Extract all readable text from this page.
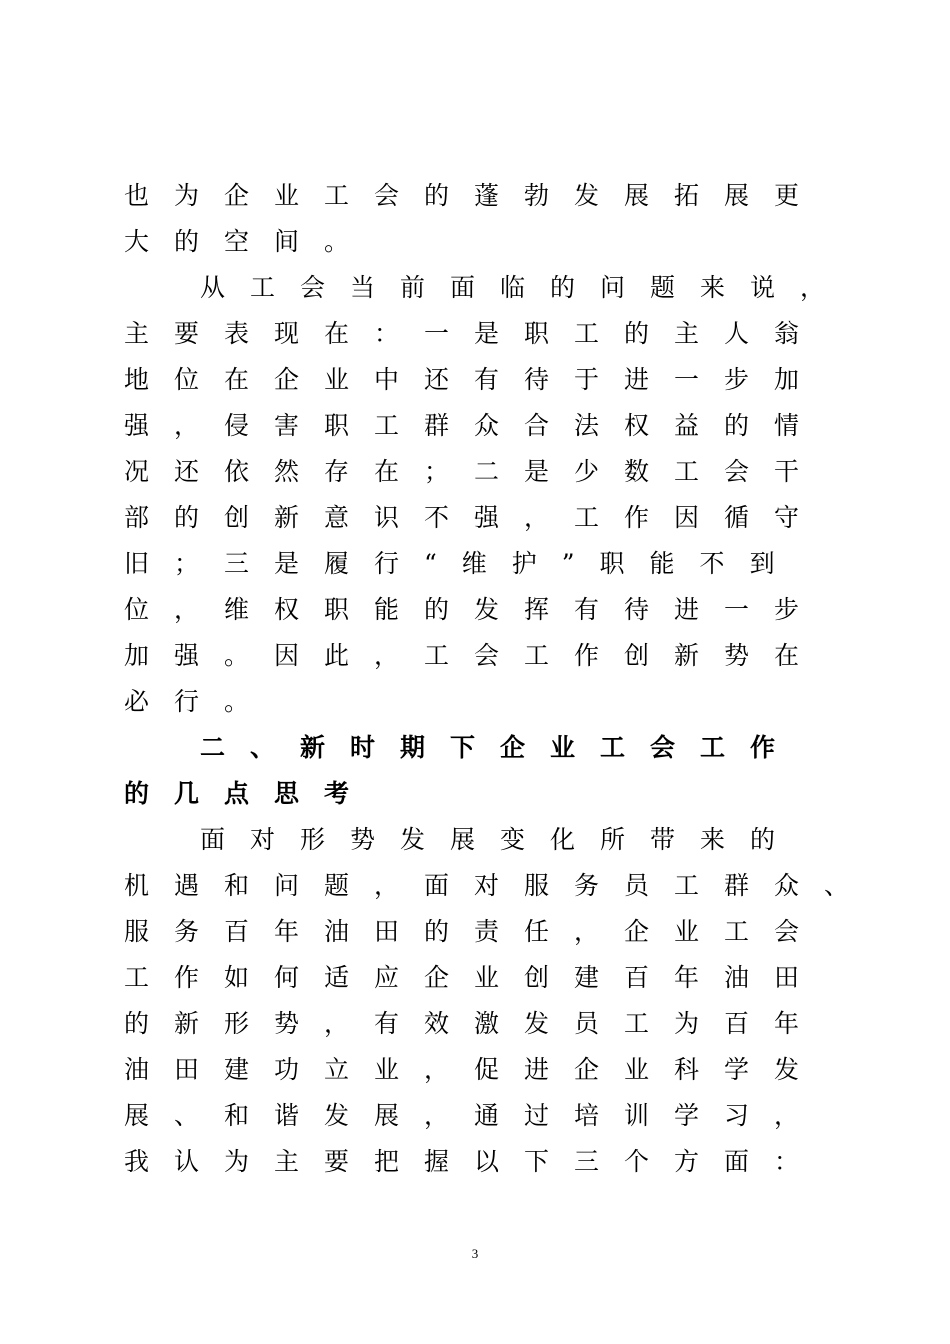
也为企业工会的蓬勃发展拓展更
大的空间。
从工会当前面临的问题来说，
主要表现在：一是职工的主人翁
地位在企业中还有待于进一步加
强，侵害职工群众合法权益的情
况还依然存在；二是少数工会干
部的创新意识不强，工作因循守
旧；三是履行“维护”职能不到
位，维权职能的发挥有待进一步
加强。因此，工会工作创新势在
必行。
二、新时期下企业工会工作
的几点思考
面对形势发展变化所带来的
机遇和问题，面对服务员工群众、
服务百年油田的责任，企业工会
工作如何适应企业创建百年油田
的新形势，有效激发员工为百年
油田建功立业，促进企业科学发
展、和谐发展，通过培训学习，
我认为主要把握以下三个方面：
3
